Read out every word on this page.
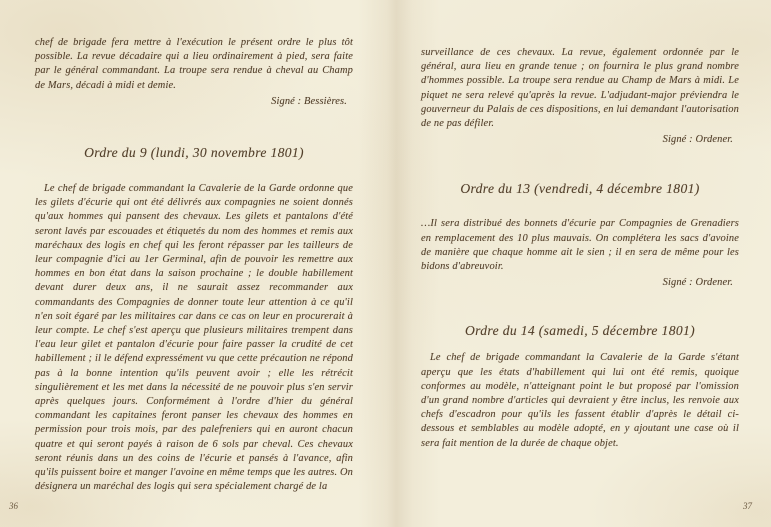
chef de brigade fera mettre à l'exécution le présent ordre le plus tôt possible. La revue décadaire qui a lieu ordinairement à pied, sera faite par le général commandant. La troupe sera rendue à cheval au Champ de Mars, décadi à midi et demie.
Signé : Bessières.
Ordre du 9 (lundi, 30 novembre 1801)
Le chef de brigade commandant la Cavalerie de la Garde ordonne que les gilets d'écurie qui ont été délivrés aux compagnies ne soient donnés qu'aux hommes qui pansent des chevaux. Les gilets et pantalons d'été seront lavés par escouades et étiquetés du nom des hommes et remis aux maréchaux des logis en chef qui les feront répasser par les tailleurs de leur compagnie d'ici au 1er Germinal, afin de pouvoir les remettre aux hommes en bon état dans la saison prochaine ; le double habillement devant durer deux ans, il ne saurait assez recommander aux commandants des Compagnies de donner toute leur attention à ce qu'il n'en soit égaré par les militaires car dans ce cas on leur en procurerait à leur compte. Le chef s'est aperçu que plusieurs militaires trempent dans l'eau leur gilet et pantalon d'écurie pour faire passer la crudité de cet habillement ; il le défend expressément vu que cette précaution ne répond pas à la bonne intention qu'ils peuvent avoir ; elle les rétrécit singulièrement et les met dans la nécessité de ne pouvoir plus s'en servir après quelques jours. Conformément à l'ordre d'hier du général commandant les capitaines feront panser les chevaux des hommes en permission pour trois mois, par des palefreniers qui en auront chacun quatre et qui seront payés à raison de 6 sols par cheval. Ces chevaux seront réunis dans un des coins de l'écurie et pansés à l'avance, afin qu'ils puissent boire et manger l'avoine en même temps que les autres. On désignera un maréchal des logis qui sera spécialement chargé de la
surveillance de ces chevaux. La revue, également ordonnée par le général, aura lieu en grande tenue ; on fournira le plus grand nombre d'hommes possible. La troupe sera rendue au Champ de Mars à midi. Le piquet ne sera relevé qu'après la revue. L'adjudant-major préviendra le gouverneur du Palais de ces dispositions, en lui demandant l'autorisation de ne pas défiler.
Signé : Ordener.
Ordre du 13 (vendredi, 4 décembre 1801)
…Il sera distribué des bonnets d'écurie par Compagnies de Grenadiers en remplacement des 10 plus mauvais. On complétera les sacs d'avoine de manière que chaque homme ait le sien ; il en sera de même pour les bidons d'abreuvoir.
Signé : Ordener.
Ordre du 14 (samedi, 5 décembre 1801)
Le chef de brigade commandant la Cavalerie de la Garde s'étant aperçu que les états d'habillement qui lui ont été remis, quoique conformes au modèle, n'atteignant point le but proposé par l'omission d'un grand nombre d'articles qui devraient y être inclus, les renvoie aux chefs d'escadron pour qu'ils les fassent établir d'après le détail ci-dessous et semblables au modèle adopté, en y ajoutant une case où il sera fait mention de la durée de chaque objet.
36	37
